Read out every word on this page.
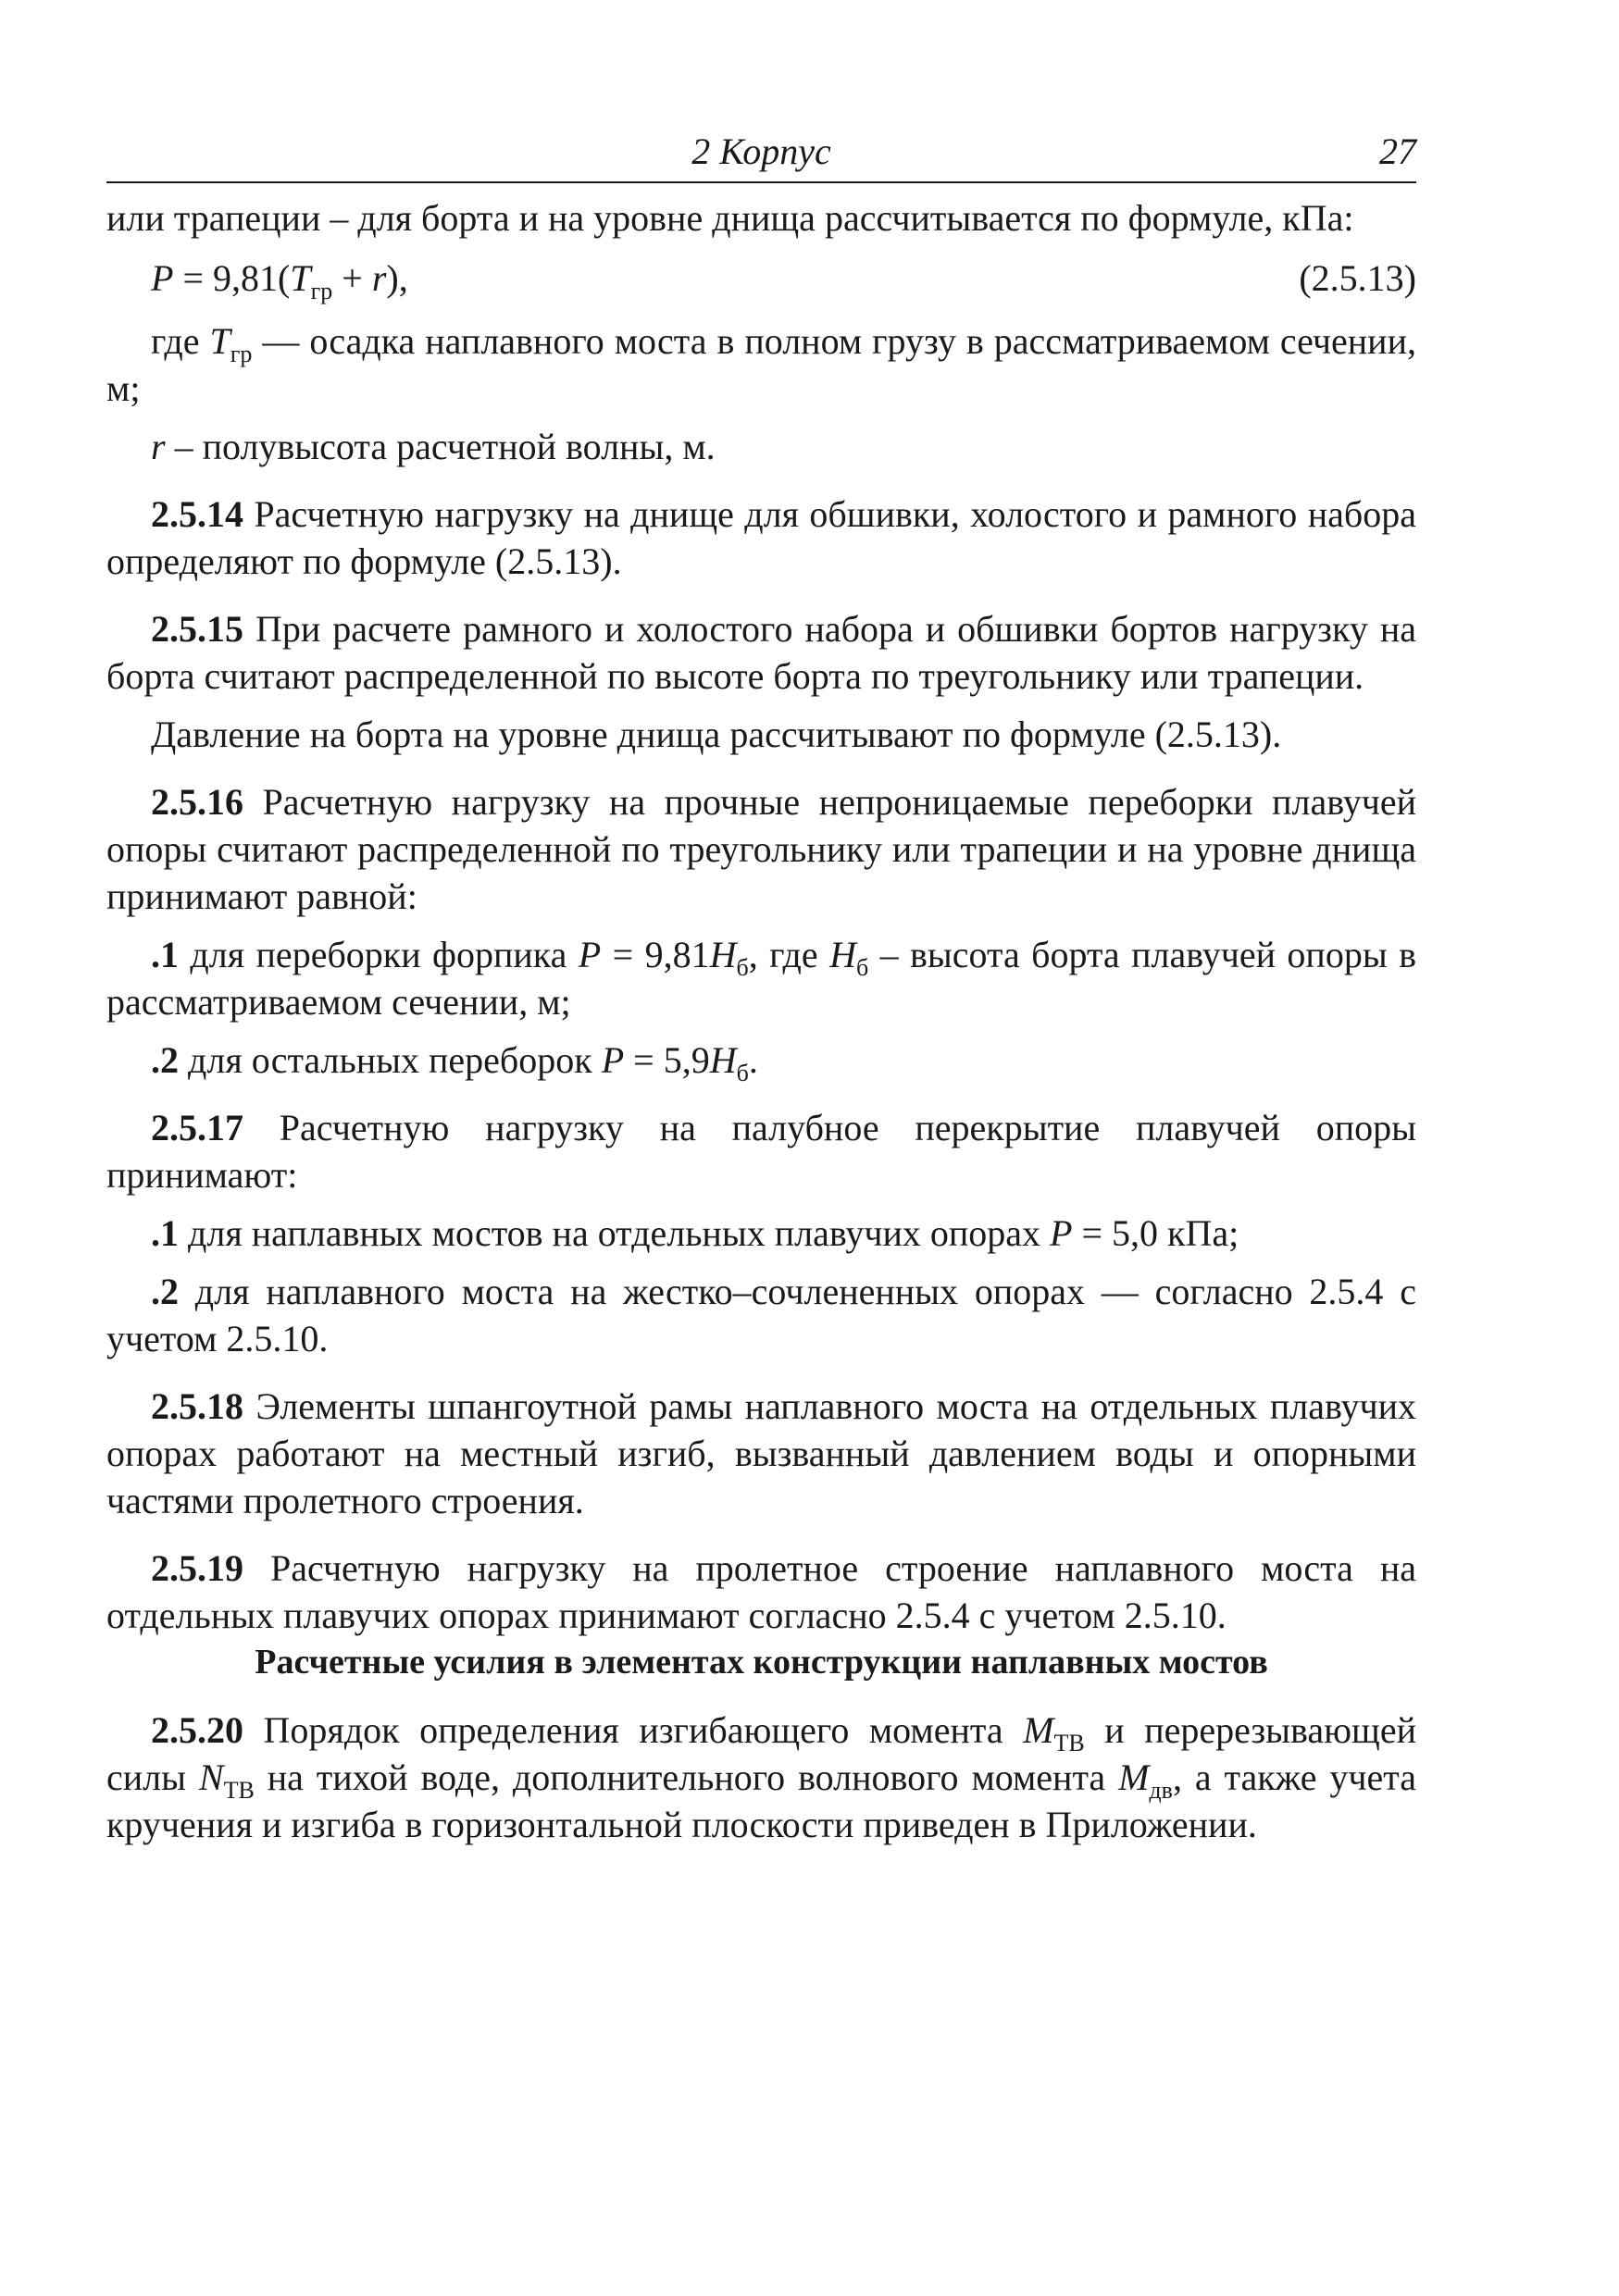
2 Корпус	27

или трапеции – для борта и на уровне днища рассчитывается по формуле, кПа:

$P = 9,81(T_{гр} + r)$,	(2.5.13)

где $T_{гр}$ — осадка наплавного моста в полном грузу в рассматриваемом сечении, м;

r – полувысота расчетной волны, м.

2.5.14 Расчетную нагрузку на днище для обшивки, холостого и рамного набора определяют по формуле (2.5.13).

2.5.15 При расчете рамного и холостого набора и обшивки бортов нагрузку на борта считают распределенной по высоте борта по треугольнику или трапеции.

Давление на борта на уровне днища рассчитывают по формуле (2.5.13).

2.5.16 Расчетную нагрузку на прочные непроницаемые переборки плавучей опоры считают распределенной по треугольнику или трапеции и на уровне днища принимают равной:

.1 для переборки форпика $P = 9,81H_б$, где $H_б$ – высота борта плавучей опоры в рассматриваемом сечении, м;

.2 для остальных переборок $P = 5,9H_б$.

2.5.17 Расчетную нагрузку на палубное перекрытие плавучей опоры принимают:

.1 для наплавных мостов на отдельных плавучих опорах P = 5,0 кПа;

.2 для наплавного моста на жестко–сочлененных опорах — согласно 2.5.4 с учетом 2.5.10.

2.5.18 Элементы шпангоутной рамы наплавного моста на отдельных плавучих опорах работают на местный изгиб, вызванный давлением воды и опорными частями пролетного строения.

2.5.19 Расчетную нагрузку на пролетное строение наплавного моста на отдельных плавучих опорах принимают согласно 2.5.4 с учетом 2.5.10.

Расчетные усилия в элементах конструкции наплавных мостов

2.5.20 Порядок определения изгибающего момента $M_{ТВ}$ и перерезывающей силы $N_{ТВ}$ на тихой воде, дополнительного волнового момента $M_{дв}$, а также учета кручения и изгиба в горизонтальной плоскости приведен в Приложении.
